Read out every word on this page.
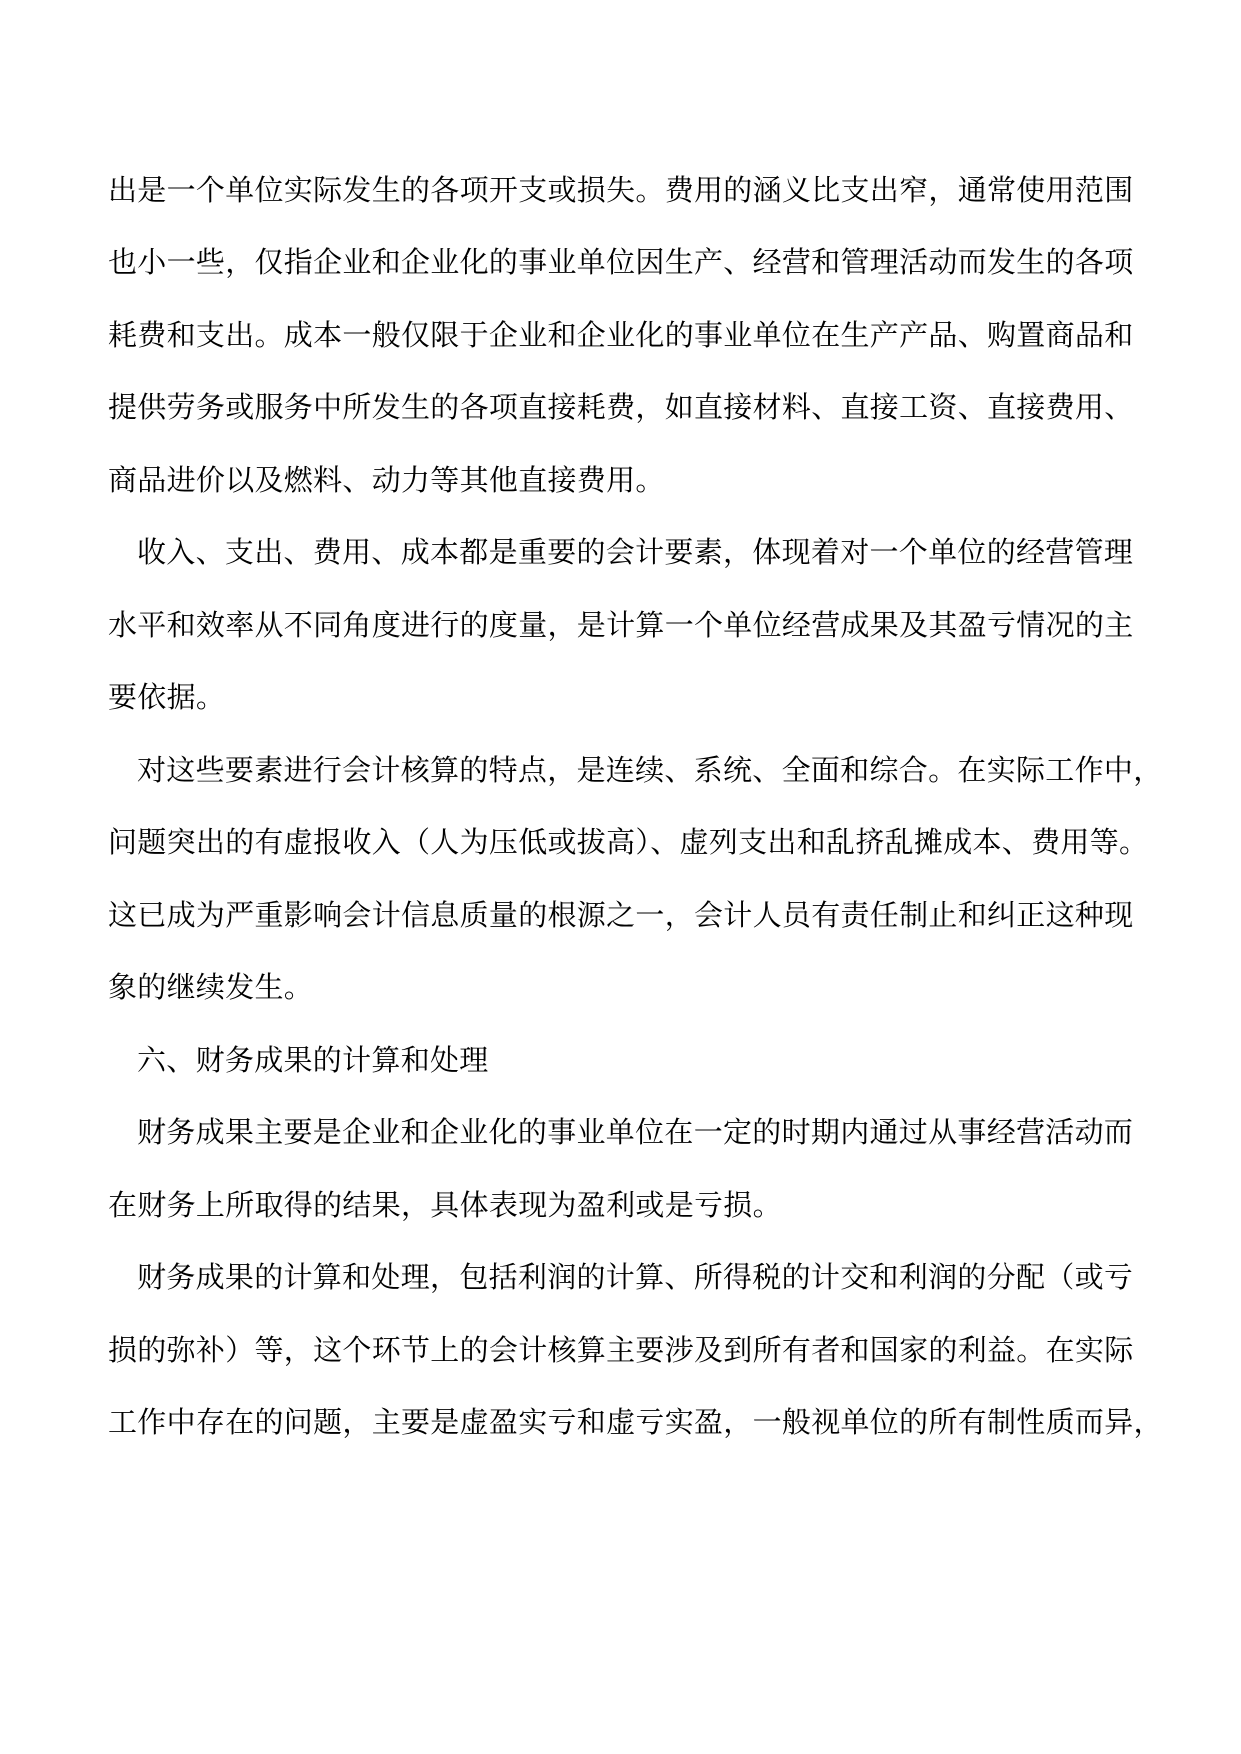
出是一个单位实际发生的各项开支或损失。费用的涵义比支出窄，通常使用范围
也小一些，仅指企业和企业化的事业单位因生产、经营和管理活动而发生的各项
耗费和支出。成本一般仅限于企业和企业化的事业单位在生产产品、购置商品和
提供劳务或服务中所发生的各项直接耗费，如直接材料、直接工资、直接费用、
商品进价以及燃料、动力等其他直接费用。
收入、支出、费用、成本都是重要的会计要素，体现着对一个单位的经营管理
水平和效率从不同角度进行的度量，是计算一个单位经营成果及其盈亏情况的主
要依据。
对这些要素进行会计核算的特点，是连续、系统、全面和综合。在实际工作中，
问题突出的有虚报收入（人为压低或拔高）、虚列支出和乱挤乱摊成本、费用等。
这已成为严重影响会计信息质量的根源之一，会计人员有责任制止和纠正这种现
象的继续发生。
六、财务成果的计算和处理
财务成果主要是企业和企业化的事业单位在一定的时期内通过从事经营活动而
在财务上所取得的结果，具体表现为盈利或是亏损。
财务成果的计算和处理，包括利润的计算、所得税的计交和利润的分配（或亏
损的弥补）等，这个环节上的会计核算主要涉及到所有者和国家的利益。在实际
工作中存在的问题，主要是虚盈实亏和虚亏实盈，一般视单位的所有制性质而异，
